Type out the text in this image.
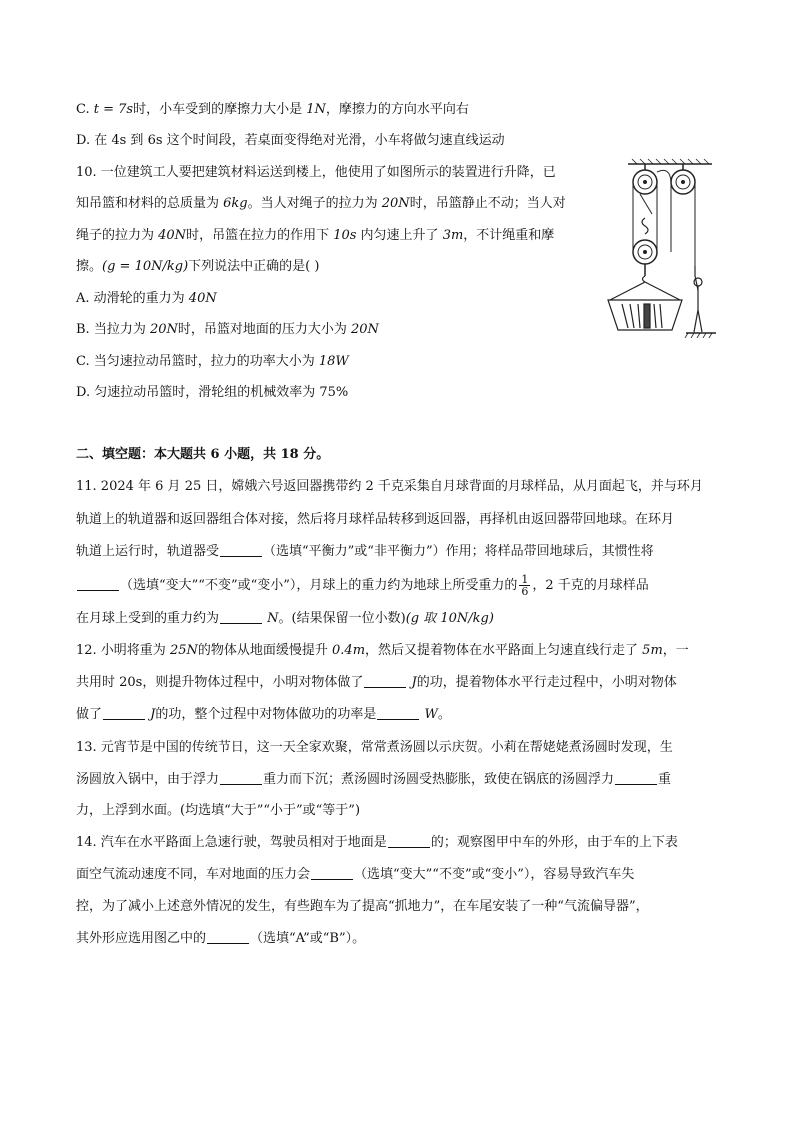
C. t = 7s时，小车受到的摩擦力大小是 1N，摩擦力的方向水平向右
D. 在 4s 到 6s 这个时间段，若桌面变得绝对光滑，小车将做匀速直线运动
10. 一位建筑工人要把建筑材料运送到楼上，他使用了如图所示的装置进行升降，已
知吊篮和材料的总质量为 6kg。当人对绳子的拉力为 20N时，吊篮静止不动；当人对
绳子的拉力为 40N时，吊篮在拉力的作用下 10s 内匀速上升了 3m，不计绳重和摩
擦。(g = 10N/kg)下列说法中正确的是( )
A. 动滑轮的重力为 40N
B. 当拉力为 20N时，吊篮对地面的压力大小为 20N
C. 当匀速拉动吊篮时，拉力的功率大小为 18W
D. 匀速拉动吊篮时，滑轮组的机械效率为 75%
二、填空题：本大题共 6 小题，共 18 分。
11. 2024 年 6 月 25 日，嫦娥六号返回器携带约 2 千克采集自月球背面的月球样品，从月面起飞，并与环月
轨道上的轨道器和返回器组合体对接，然后将月球样品转移到返回器，再择机由返回器带回地球。在环月
轨道上运行时，轨道器受	（选填“平衡力”或“非平衡力”）作用；将样品带回地球后，其惯性将
（选填“变大”“不变”或“变小”），月球上的重力约为地球上所受重力的 $\frac{1}{6}$ ，2 千克的月球样品
在月球上受到的重力约为	N。(结果保留一位小数)(g 取 10N/kg)
12. 小明将重为 25N的物体从地面缓慢提升 0.4m，然后又提着物体在水平路面上匀速直线行走了 5m，一
共用时 20s，则提升物体过程中，小明对物体做了	J的功，提着物体水平行走过程中，小明对物体
做了	J的功，整个过程中对物体做功的功率是	W。
13. 元宵节是中国的传统节日，这一天全家欢聚，常常煮汤圆以示庆贺。小莉在帮姥姥煮汤圆时发现，生
汤圆放入锅中，由于浮力	重力而下沉；煮汤圆时汤圆受热膨胀，致使在锅底的汤圆浮力	重
力，上浮到水面。(均选填“大于”“小于”或“等于”)
14. 汽车在水平路面上急速行驶，驾驶员相对于地面是	的；观察图甲中车的外形，由于车的上下表
面空气流动速度不同，车对地面的压力会	（选填“变大”“不变”或“变小”），容易导致汽车失
控，为了减小上述意外情况的发生，有些跑车为了提高“抓地力”，在车尾安装了一种“气流偏导器”，
其外形应选用图乙中的	（选填“A”或“B”）。
